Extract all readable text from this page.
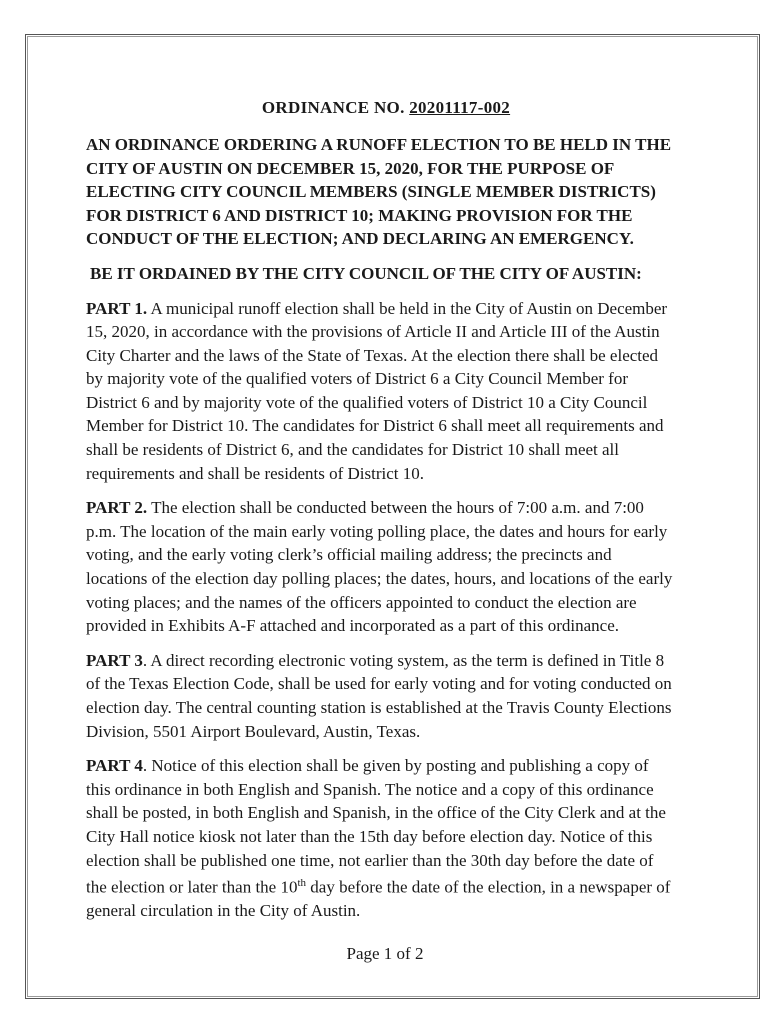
ORDINANCE NO. 20201117-002
AN ORDINANCE ORDERING A RUNOFF ELECTION TO BE HELD IN THE CITY OF AUSTIN ON DECEMBER 15, 2020, FOR THE PURPOSE OF ELECTING CITY COUNCIL MEMBERS (SINGLE MEMBER DISTRICTS) FOR DISTRICT 6 AND DISTRICT 10; MAKING PROVISION FOR THE CONDUCT OF THE ELECTION; AND DECLARING AN EMERGENCY.
BE IT ORDAINED BY THE CITY COUNCIL OF THE CITY OF AUSTIN:
PART 1. A municipal runoff election shall be held in the City of Austin on December 15, 2020, in accordance with the provisions of Article II and Article III of the Austin City Charter and the laws of the State of Texas. At the election there shall be elected by majority vote of the qualified voters of District 6 a City Council Member for District 6 and by majority vote of the qualified voters of District 10 a City Council Member for District 10. The candidates for District 6 shall meet all requirements and shall be residents of District 6, and the candidates for District 10 shall meet all requirements and shall be residents of District 10.
PART 2. The election shall be conducted between the hours of 7:00 a.m. and 7:00 p.m. The location of the main early voting polling place, the dates and hours for early voting, and the early voting clerk’s official mailing address; the precincts and locations of the election day polling places; the dates, hours, and locations of the early voting places; and the names of the officers appointed to conduct the election are provided in Exhibits A-F attached and incorporated as a part of this ordinance.
PART 3. A direct recording electronic voting system, as the term is defined in Title 8 of the Texas Election Code, shall be used for early voting and for voting conducted on election day. The central counting station is established at the Travis County Elections Division, 5501 Airport Boulevard, Austin, Texas.
PART 4. Notice of this election shall be given by posting and publishing a copy of this ordinance in both English and Spanish. The notice and a copy of this ordinance shall be posted, in both English and Spanish, in the office of the City Clerk and at the City Hall notice kiosk not later than the 15th day before election day. Notice of this election shall be published one time, not earlier than the 30th day before the date of the election or later than the 10th day before the date of the election, in a newspaper of general circulation in the City of Austin.
Page 1 of 2
